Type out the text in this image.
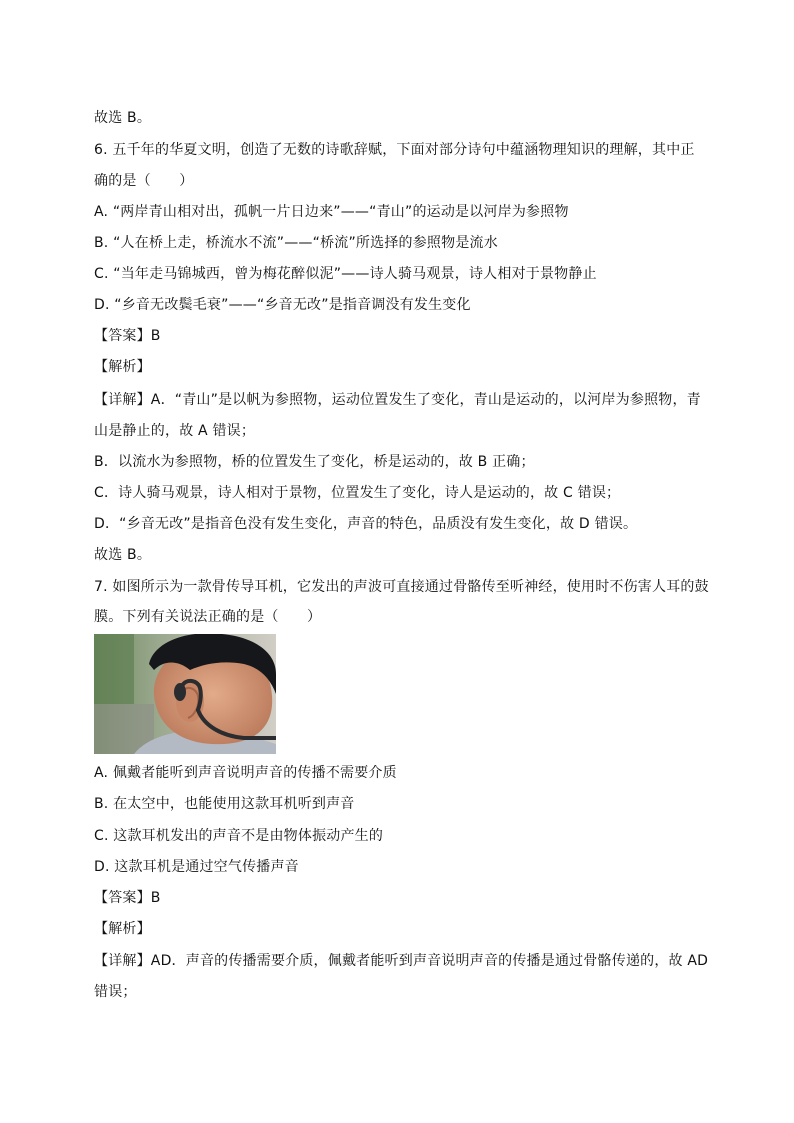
故选 B。
6. 五千年的华夏文明，创造了无数的诗歌辞赋，下面对部分诗句中蕴涵物理知识的理解，其中正
确的是（　　）
A. “两岸青山相对出，孤帆一片日边来”——“青山”的运动是以河岸为参照物
B. “人在桥上走，桥流水不流”——“桥流”所选择的参照物是流水
C. “当年走马锦城西，曾为梅花醉似泥”——诗人骑马观景，诗人相对于景物静止
D. “乡音无改鬓毛衰”——“乡音无改”是指音调没有发生变化
【答案】B
【解析】
【详解】A．“青山”是以帆为参照物，运动位置发生了变化，青山是运动的，以河岸为参照物，青
山是静止的，故 A 错误；
B．以流水为参照物，桥的位置发生了变化，桥是运动的，故 B 正确；
C．诗人骑马观景，诗人相对于景物，位置发生了变化，诗人是运动的，故 C 错误；
D．“乡音无改”是指音色没有发生变化，声音的特色，品质没有发生变化，故 D 错误。
故选 B。
7. 如图所示为一款骨传导耳机，它发出的声波可直接通过骨骼传至听神经，使用时不伤害人耳的鼓
膜。下列有关说法正确的是（　　）
A. 佩戴者能听到声音说明声音的传播不需要介质
B. 在太空中，也能使用这款耳机听到声音
C. 这款耳机发出的声音不是由物体振动产生的
D. 这款耳机是通过空气传播声音
【答案】B
【解析】
【详解】AD．声音的传播需要介质，佩戴者能听到声音说明声音的传播是通过骨骼传递的，故 AD
错误；
